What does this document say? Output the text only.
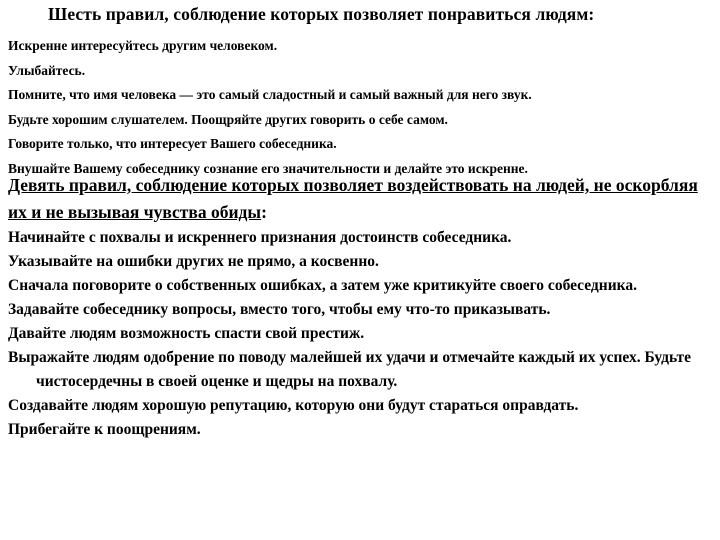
Шесть правил, соблюдение которых позволяет понравиться людям:
Искренне интересуйтесь другим человеком.
Улыбайтесь.
Помните, что имя человека — это самый сладостный и самый важный для него звук.
Будьте хорошим слушателем. Поощряйте других говорить о себе самом.
Говорите только, что интересует Вашего собеседника.
Внушайте Вашему собеседнику сознание его значительности и делайте это искренне.
Девять правил, соблюдение которых позволяет воздейcтвовать на людей, не оскорбляя их и не вызывая чувства обиды:
Начинайте с похвалы и искреннего признания достоинств собеседника.
Указывайте на ошибки других не прямо, а косвенно.
Сначала поговорите о собственных ошибках, а затем уже критикуйте своего собеседника.
Задавайте собеседнику вопросы, вместо того, чтобы ему что-то приказывать.
Давайте людям возможность спасти свой престиж.
Выражайте людям одобрение по поводу малейшей их удачи и отмечайте каждый их успех. Будьте чистосердечны в своей оценке и щедры на похвалу.
Создавайте людям хорошую репутацию, которую они будут стараться оправдать.
Прибегайте к поощрениям.
